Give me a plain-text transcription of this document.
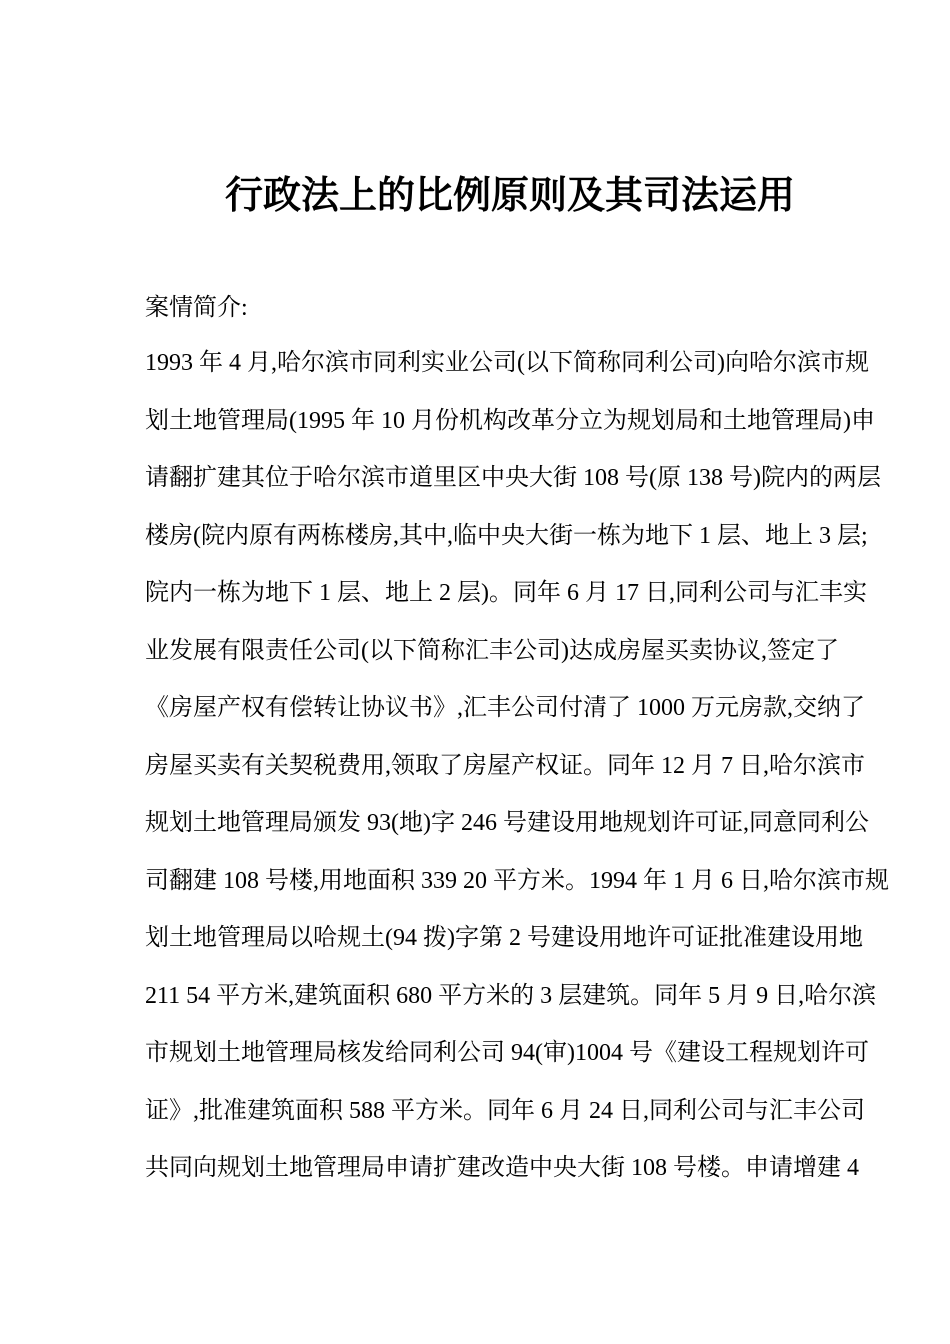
行政法上的比例原则及其司法运用
案情简介:
1993 年 4 月,哈尔滨市同利实业公司(以下简称同利公司)向哈尔滨市规
划土地管理局(1995 年 10 月份机构改革分立为规划局和土地管理局)申
请翻扩建其位于哈尔滨市道里区中央大街 108 号(原 138 号)院内的两层
楼房(院内原有两栋楼房,其中,临中央大街一栋为地下 1 层、地上 3 层;
院内一栋为地下 1 层、地上 2 层)。同年 6 月 17 日,同利公司与汇丰实
业发展有限责任公司(以下简称汇丰公司)达成房屋买卖协议,签定了
《房屋产权有偿转让协议书》,汇丰公司付清了 1000 万元房款,交纳了
房屋买卖有关契税费用,领取了房屋产权证。同年 12 月 7 日,哈尔滨市
规划土地管理局颁发 93(地)字 246 号建设用地规划许可证,同意同利公
司翻建 108 号楼,用地面积 339 20 平方米。1994 年 1 月 6 日,哈尔滨市规
划土地管理局以哈规土(94 拨)字第 2 号建设用地许可证批准建设用地
211 54 平方米,建筑面积 680 平方米的 3 层建筑。同年 5 月 9 日,哈尔滨
市规划土地管理局核发给同利公司 94(审)1004 号《建设工程规划许可
证》,批准建筑面积 588 平方米。同年 6 月 24 日,同利公司与汇丰公司
共同向规划土地管理局申请扩建改造中央大街 108 号楼。申请增建 4
